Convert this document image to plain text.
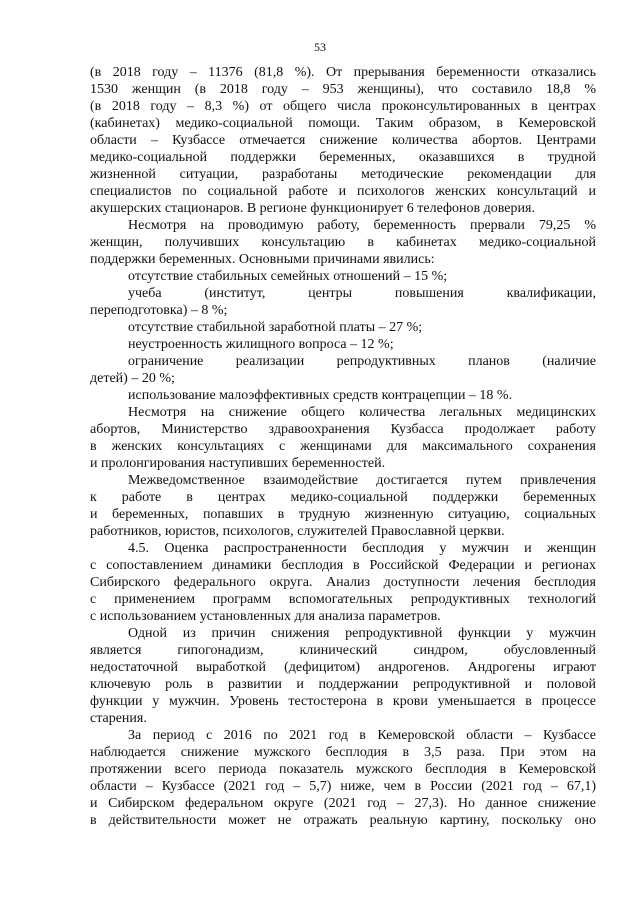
53
(в 2018 году – 11376 (81,8 %). От прерывания беременности отказались
1530 женщин (в 2018 году – 953 женщины), что составило 18,8 %
(в 2018 году – 8,3 %) от общего числа проконсультированных в центрах
(кабинетах) медико-социальной помощи. Таким образом, в Кемеровской
области – Кузбассе отмечается снижение количества абортов. Центрами
медико-социальной поддержки беременных, оказавшихся в трудной
жизненной ситуации, разработаны методические рекомендации для
специалистов по социальной работе и психологов женских консультаций и
акушерских стационаров. В регионе функционирует 6 телефонов доверия.
Несмотря на проводимую работу, беременность прервали 79,25 %
женщин, получивших консультацию в кабинетах медико-социальной
поддержки беременных. Основными причинами явились:
отсутствие стабильных семейных отношений – 15 %;
учеба (институт, центры повышения квалификации,
переподготовка) – 8 %;
отсутствие стабильной заработной платы – 27 %;
неустроенность жилищного вопроса – 12 %;
ограничение реализации репродуктивных планов (наличие
детей) – 20 %;
использование малоэффективных средств контрацепции – 18 %.
Несмотря на снижение общего количества легальных медицинских
абортов, Министерство здравоохранения Кузбасса продолжает работу
в женских консультациях с женщинами для максимального сохранения
и пролонгирования наступивших беременностей.
Межведомственное взаимодействие достигается путем привлечения
к работе в центрах медико-социальной поддержки беременных
и беременных, попавших в трудную жизненную ситуацию, социальных
работников, юристов, психологов, служителей Православной церкви.
4.5. Оценка распространенности бесплодия у мужчин и женщин
с сопоставлением динамики бесплодия в Российской Федерации и регионах
Сибирского федерального округа. Анализ доступности лечения бесплодия
с применением программ вспомогательных репродуктивных технологий
с использованием установленных для анализа параметров.
Одной из причин снижения репродуктивной функции у мужчин
является гипогонадизм, клинический синдром, обусловленный
недостаточной выработкой (дефицитом) андрогенов. Андрогены играют
ключевую роль в развитии и поддержании репродуктивной и половой
функции у мужчин. Уровень тестостерона в крови уменьшается в процессе
старения.
За период с 2016 по 2021 год в Кемеровской области – Кузбассе
наблюдается снижение мужского бесплодия в 3,5 раза. При этом на
протяжении всего периода показатель мужского бесплодия в Кемеровской
области – Кузбассе (2021 год – 5,7) ниже, чем в России (2021 год – 67,1)
и Сибирском федеральном округе (2021 год – 27,3). Но данное снижение
в действительности может не отражать реальную картину, поскольку оно
